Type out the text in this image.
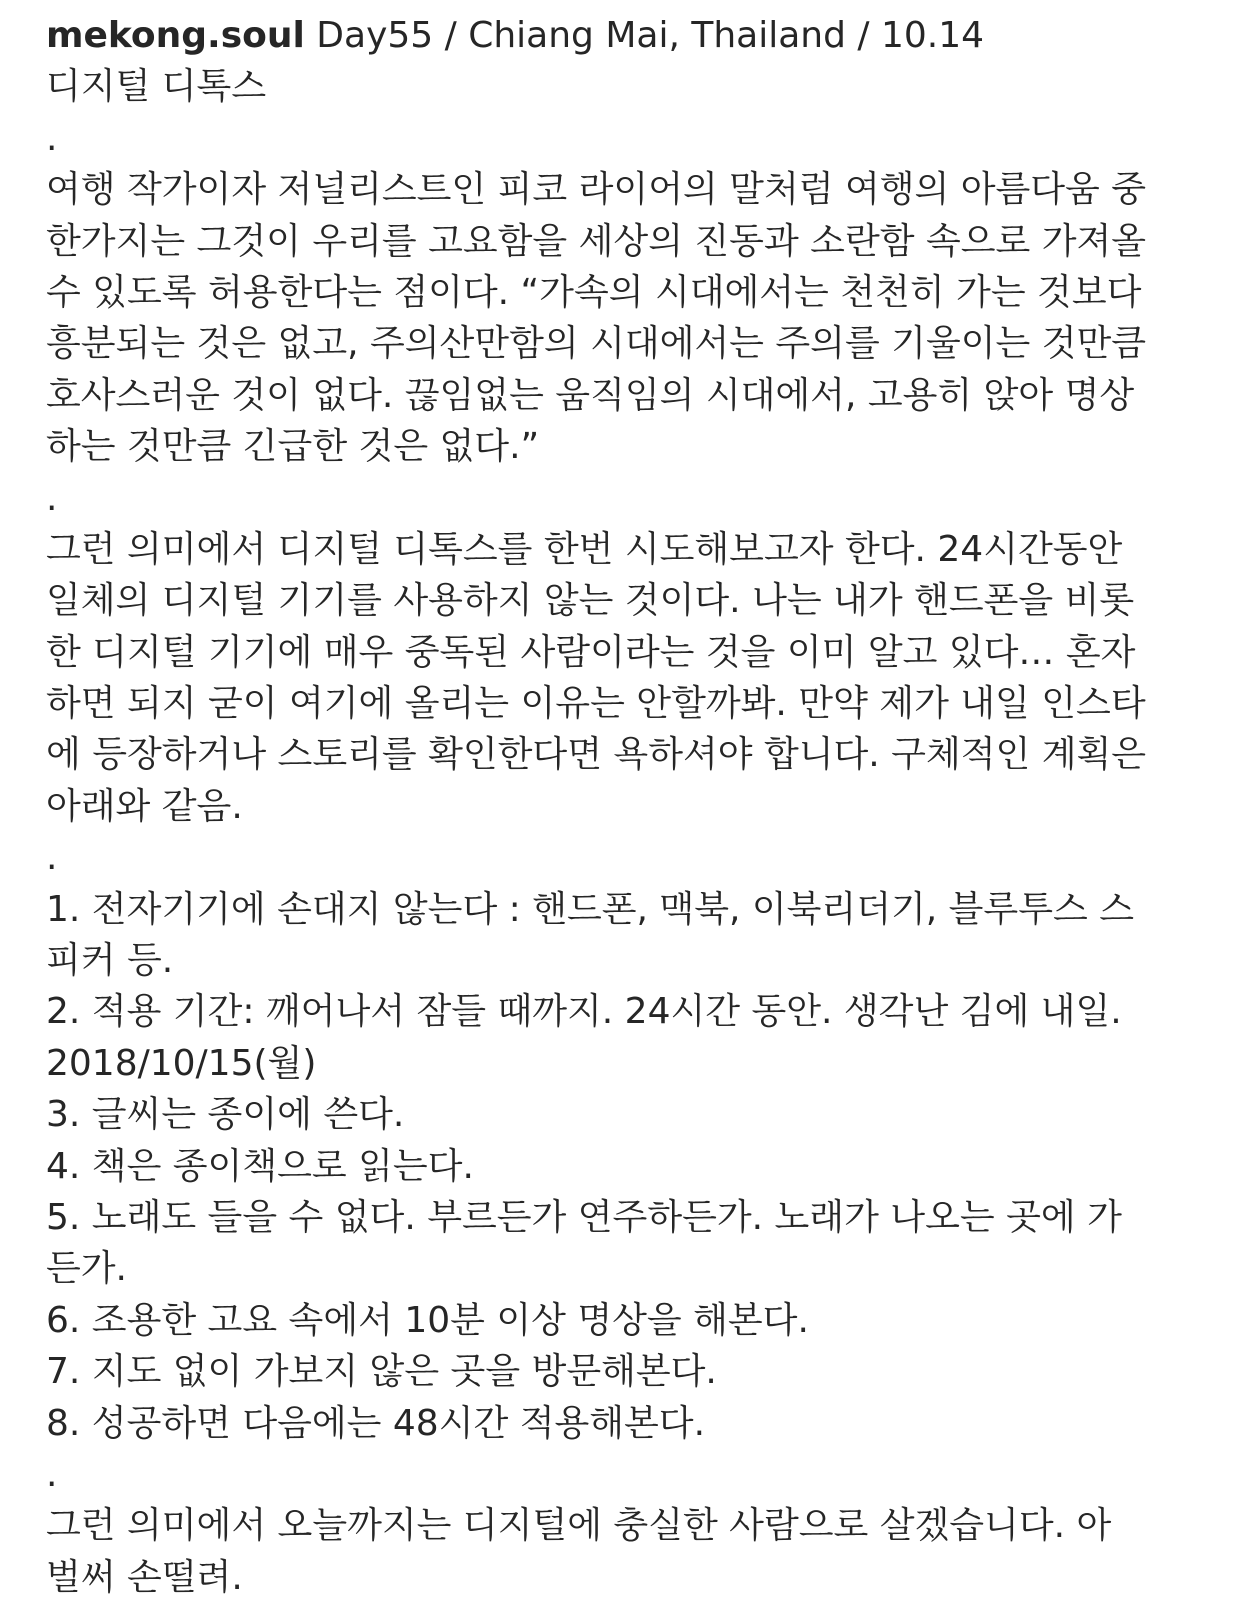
mekong.soul Day55 / Chiang Mai, Thailand / 10.14
디지털 디톡스
.
여행 작가이자 저널리스트인 피코 라이어의 말처럼 여행의 아름다움 중
한가지는 그것이 우리를 고요함을 세상의 진동과 소란함 속으로 가져올
수 있도록 허용한다는 점이다. “가속의 시대에서는 천천히 가는 것보다
흥분되는 것은 없고, 주의산만함의 시대에서는 주의를 기울이는 것만큼
호사스러운 것이 없다. 끊임없는 움직임의 시대에서, 고용히 앉아 명상
하는 것만큼 긴급한 것은 없다.”
.
그런 의미에서 디지털 디톡스를 한번 시도해보고자 한다. 24시간동안
일체의 디지털 기기를 사용하지 않는 것이다. 나는 내가 핸드폰을 비롯
한 디지털 기기에 매우 중독된 사람이라는 것을 이미 알고 있다… 혼자
하면 되지 굳이 여기에 올리는 이유는 안할까봐. 만약 제가 내일 인스타
에 등장하거나 스토리를 확인한다면 욕하셔야 합니다. 구체적인 계획은
아래와 같음.
.
1. 전자기기에 손대지 않는다 : 핸드폰, 맥북, 이북리더기, 블루투스 스
피커 등.
2. 적용 기간: 깨어나서 잠들 때까지. 24시간 동안. 생각난 김에 내일.
2018/10/15(월)
3. 글씨는 종이에 쓴다.
4. 책은 종이책으로 읽는다.
5. 노래도 들을 수 없다. 부르든가 연주하든가. 노래가 나오는 곳에 가
든가.
6. 조용한 고요 속에서 10분 이상 명상을 해본다.
7. 지도 없이 가보지 않은 곳을 방문해본다.
8. 성공하면 다음에는 48시간 적용해본다.
.
그런 의미에서 오늘까지는 디지털에 충실한 사람으로 살겠습니다. 아
벌써 손떨려.
